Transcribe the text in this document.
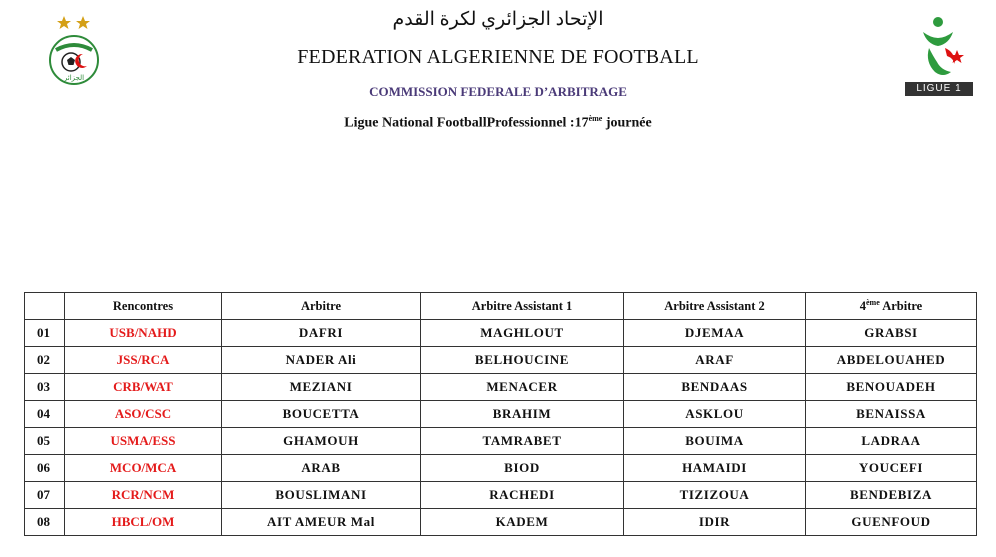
الجزائر
LIGUE 1
الإتحاد الجزائري لكرة القدم
FEDERATION ALGERIENNE DE FOOTBALL
COMMISSION FEDERALE D’ARBITRAGE
Ligue National FootballProfessionnel :17ème journée
	Rencontres	Arbitre	Arbitre Assistant 1	Arbitre Assistant 2	4ème Arbitre
01	USB/NAHD	DAFRI	MAGHLOUT	DJEMAA	GRABSI
02	JSS/RCA	NADER Ali	BELHOUCINE	ARAF	ABDELOUAHED
03	CRB/WAT	MEZIANI	MENACER	BENDAAS	BENOUADEH
04	ASO/CSC	BOUCETTA	BRAHIM	ASKLOU	BENAISSA
05	USMA/ESS	GHAMOUH	TAMRABET	BOUIMA	LADRAA
06	MCO/MCA	ARAB	BIOD	HAMAIDI	YOUCEFI
07	RCR/NCM	BOUSLIMANI	RACHEDI	TIZIZOUA	BENDEBIZA
08	HBCL/OM	AIT AMEUR Mal	KADEM	IDIR	GUENFOUD
